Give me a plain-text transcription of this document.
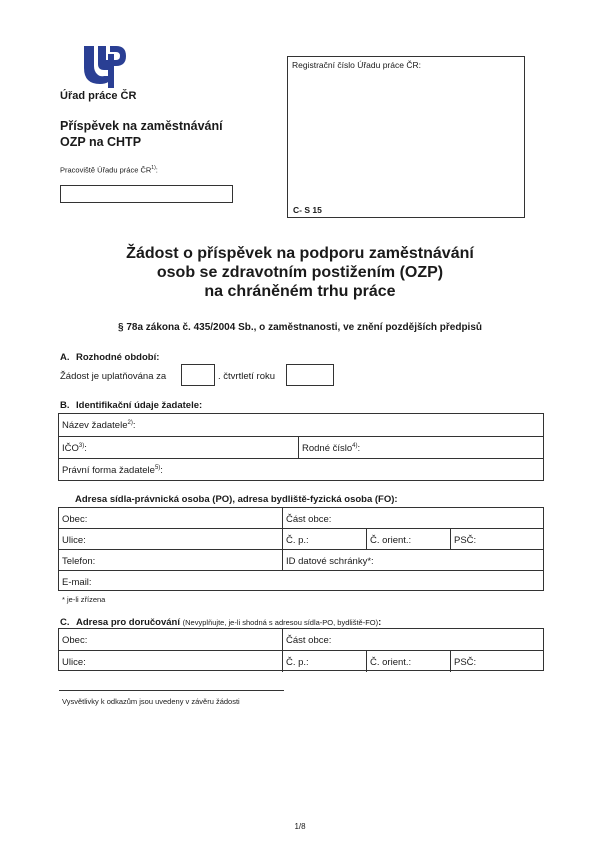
Úřad práce ČR
Příspěvek na zaměstnávání
OZP na CHTP
Pracoviště Úřadu práce ČR$^{1)}$:
Registrační číslo Úřadu práce ČR:
C- S 15
Žádost o příspěvek na podporu zaměstnávání
osob se zdravotním postižením (OZP)
na chráněném trhu práce
§ 78a zákona č. 435/2004 Sb., o zaměstnanosti, ve znění pozdějších předpisů
A. Rozhodné období:
Žádost je uplatňována za	. čtvrtletí roku
B. Identifikační údaje žadatele:
Název žadatele$^{2)}$:
IČO$^{3)}$:	Rodné číslo$^{4)}$:
Právní forma žadatele$^{5)}$:
Adresa sídla-právnická osoba (PO), adresa bydliště-fyzická osoba (FO):
Obec:	Část obce:
Ulice:	Č. p.:	Č. orient.:	PSČ:
Telefon:	ID datové schránky*:
E-mail:
* je-li zřízena
C. Adresa pro doručování (Nevyplňujte, je-li shodná s adresou sídla-PO, bydliště-FO):
Obec:	Část obce:
Ulice:	Č. p.:	Č. orient.:	PSČ:
Vysvětlivky k odkazům jsou uvedeny v závěru žádosti
1/8
